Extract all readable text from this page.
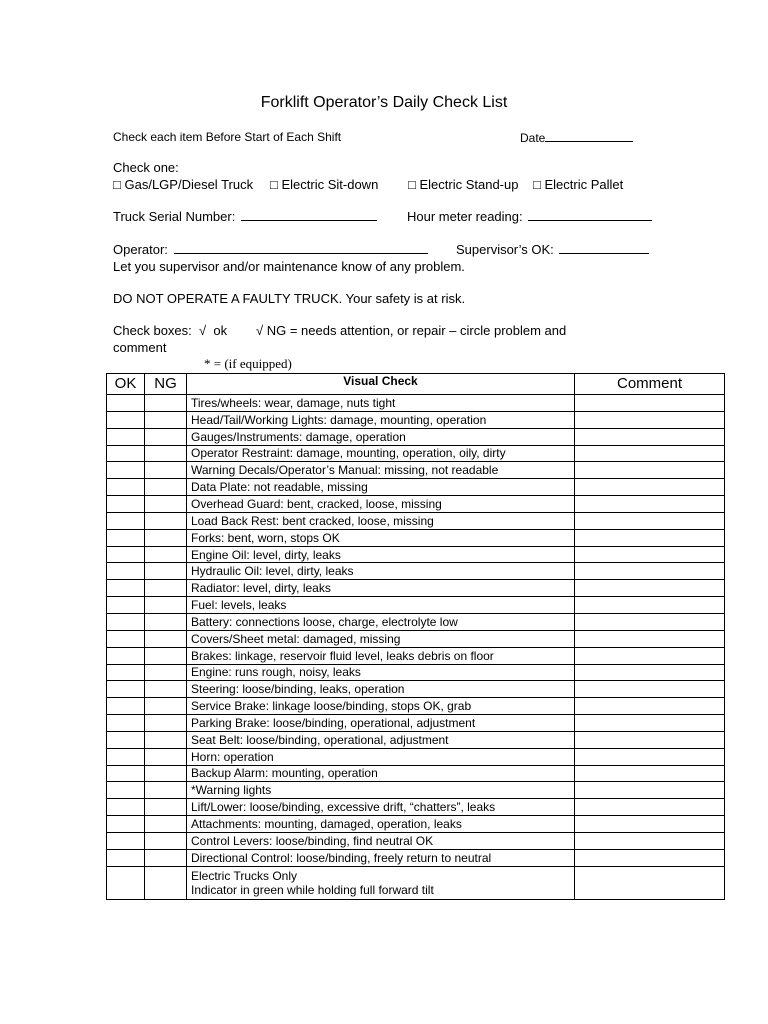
Forklift Operator’s Daily Check List
Check each item Before Start of Each Shift	Date
Check one:
□ Gas/LGP/Diesel Truck □ Electric Sit-down □ Electric Stand-up □ Electric Pallet
Truck Serial Number:	Hour meter reading:
Operator:	Supervisor’s OK:
Let you supervisor and/or maintenance know of any problem.
DO NOT OPERATE A FAULTY TRUCK. Your safety is at risk.
Check boxes:  √  ok        √ NG = needs attention, or repair – circle problem and
comment
* = (if equipped)
OK	NG	Visual Check	Comment
		Tires/wheels: wear, damage, nuts tight	
		Head/Tail/Working Lights: damage, mounting, operation	
		Gauges/Instruments: damage, operation	
		Operator Restraint: damage, mounting, operation, oily, dirty	
		Warning Decals/Operator’s Manual: missing, not readable	
		Data Plate: not readable, missing	
		Overhead Guard: bent, cracked, loose, missing	
		Load Back Rest: bent cracked, loose, missing	
		Forks: bent, worn, stops OK	
		Engine Oil: level, dirty, leaks	
		Hydraulic Oil: level, dirty, leaks	
		Radiator: level, dirty, leaks	
		Fuel: levels, leaks	
		Battery: connections loose, charge, electrolyte low	
		Covers/Sheet metal: damaged, missing	
		Brakes: linkage, reservoir fluid level, leaks debris on floor	
		Engine: runs rough, noisy, leaks	
		Steering: loose/binding, leaks, operation	
		Service Brake: linkage loose/binding, stops OK, grab	
		Parking Brake: loose/binding, operational, adjustment	
		Seat Belt: loose/binding, operational, adjustment	
		Horn: operation	
		Backup Alarm: mounting, operation	
		*Warning lights	
		Lift/Lower: loose/binding, excessive drift, “chatters”, leaks	
		Attachments: mounting, damaged, operation, leaks	
		Control Levers: loose/binding, find neutral OK	
		Directional Control: loose/binding, freely return to neutral	

		Electric Trucks Only
Indicator in green while holding full forward tilt	
